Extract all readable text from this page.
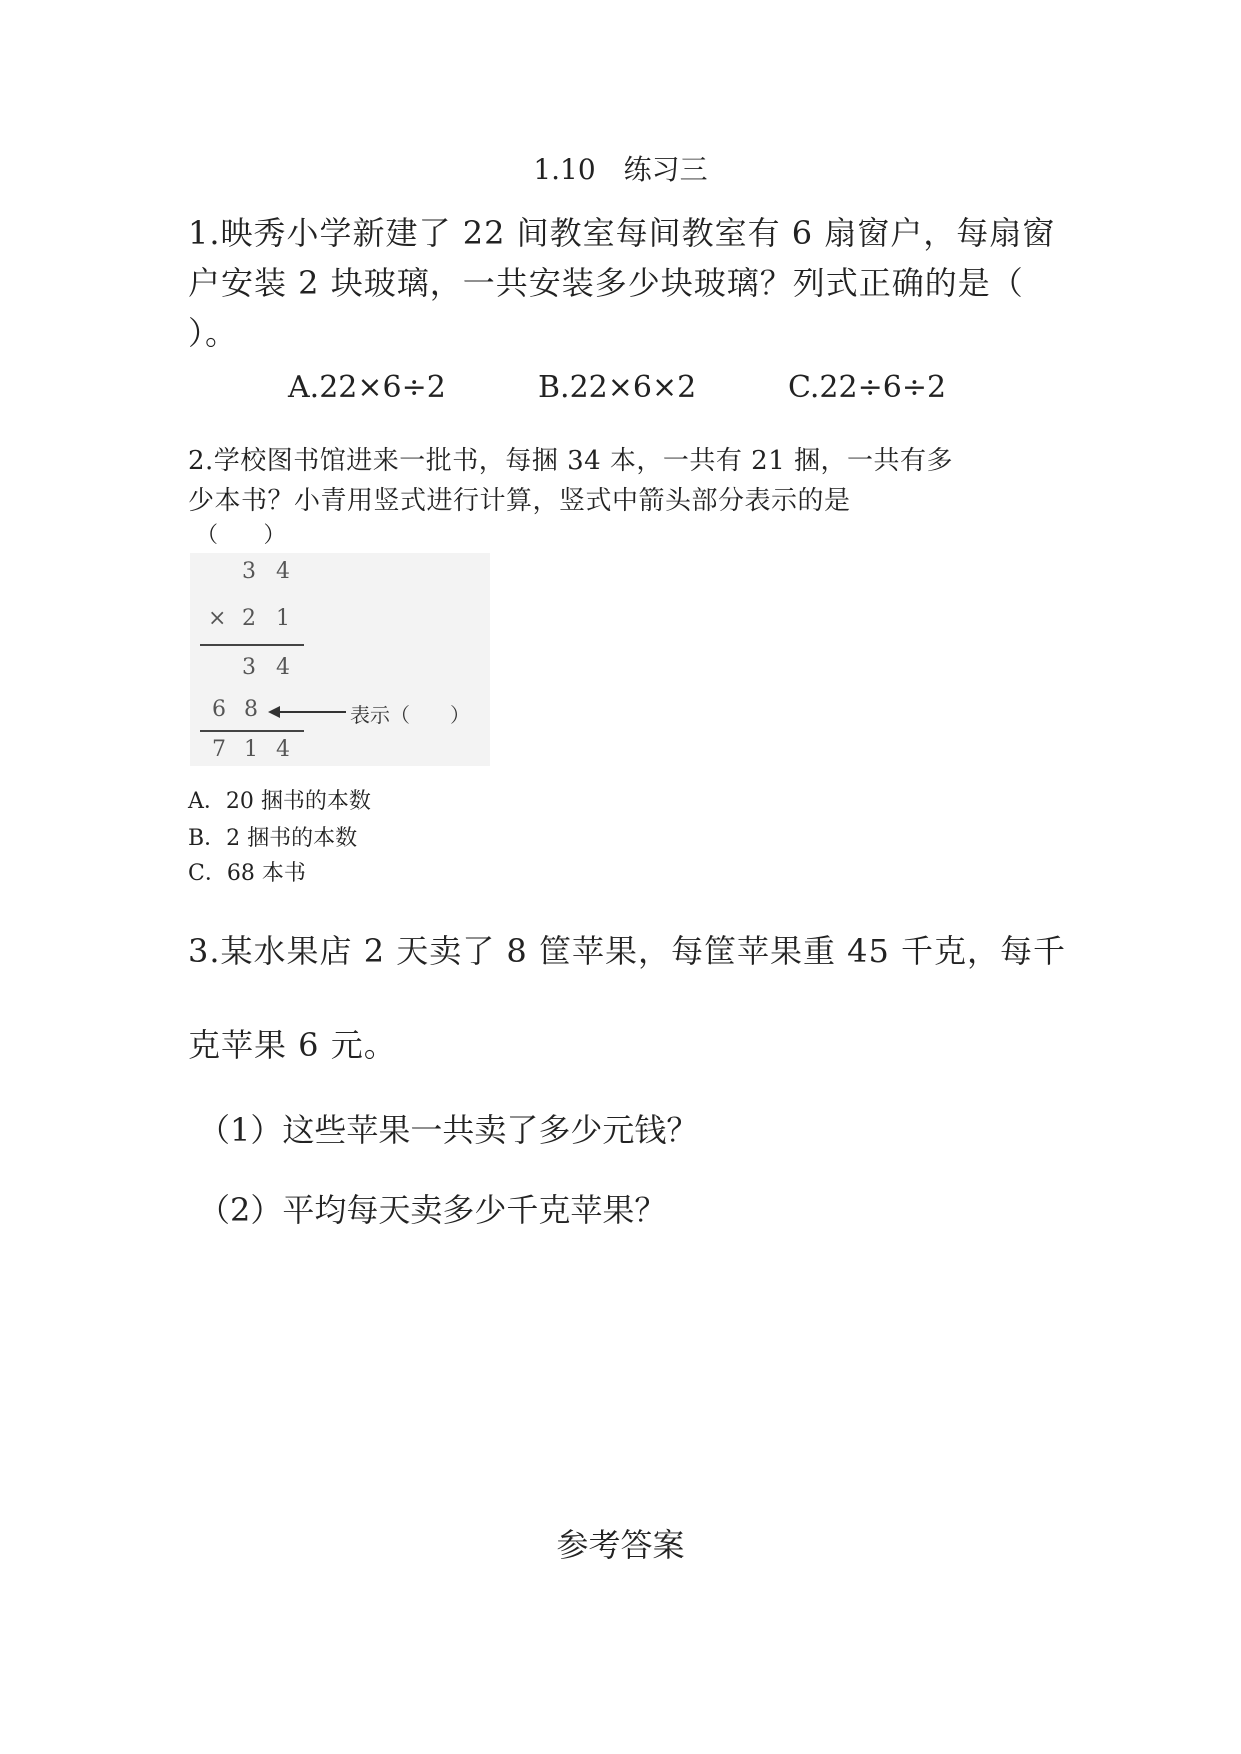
1.10　练习三
1.映秀小学新建了 22 间教室每间教室有 6 扇窗户，每扇窗
户安装 2 块玻璃，一共安装多少块玻璃？列式正确的是（
）。
A.22×6÷2	B.22×6×2	C.22÷6÷2
2.学校图书馆进来一批书，每捆 34 本，一共有 21 捆，一共有多
少本书？小青用竖式进行计算，竖式中箭头部分表示的是
（　　）
3 4
× 2 1
3 4
6 8	表示（　　）
7 1 4
A．20 捆书的本数
B．2 捆书的本数
C．68 本书
3.某水果店 2 天卖了 8 筐苹果，每筐苹果重 45 千克，每千
克苹果 6 元。
（1）这些苹果一共卖了多少元钱？
（2）平均每天卖多少千克苹果？
参考答案
